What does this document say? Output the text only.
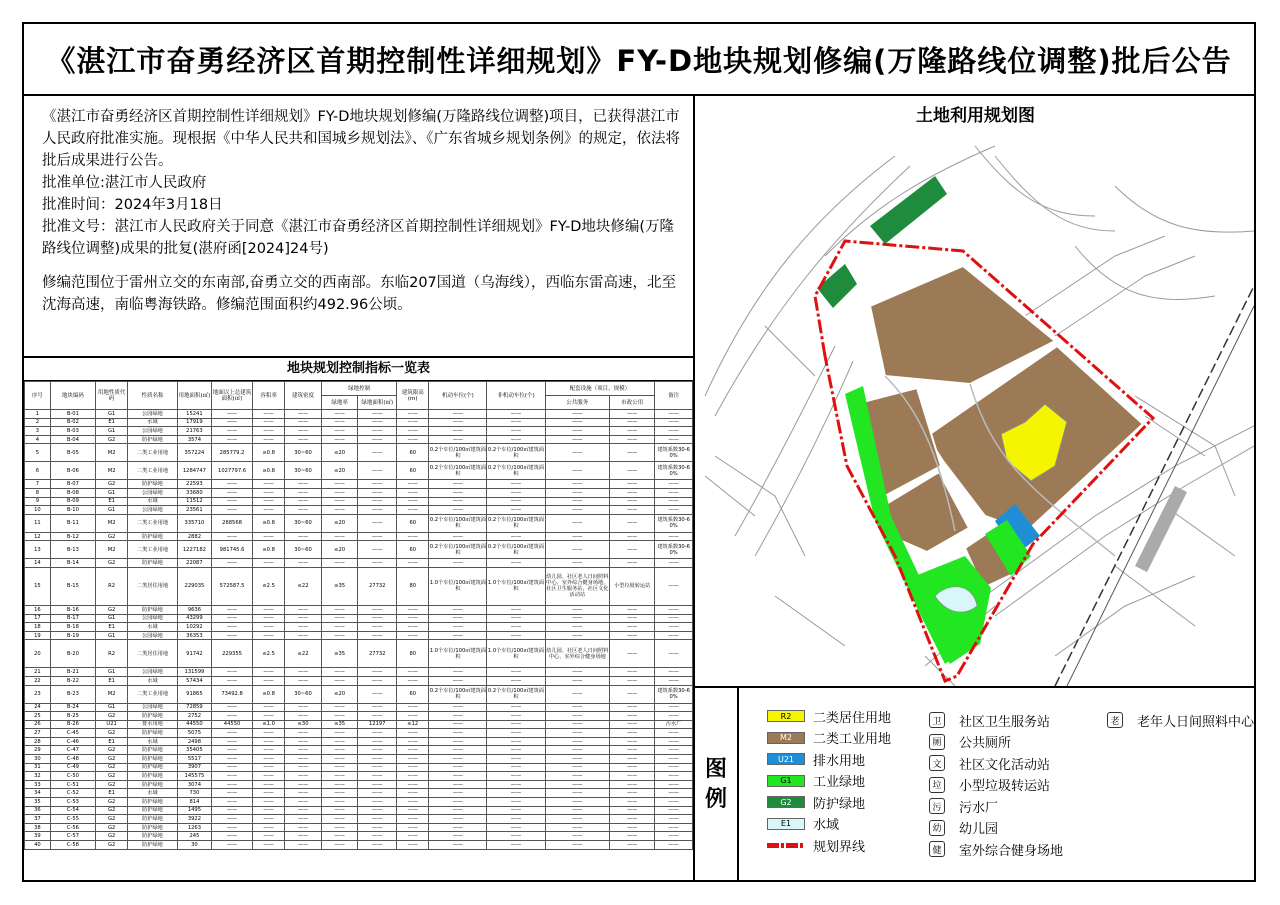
《湛江市奋勇经济区首期控制性详细规划》FY-D地块规划修编(万隆路线位调整)批后公告

《湛江市奋勇经济区首期控制性详细规划》FY-D地块规划修编(万隆路线位调整)项目，已获得湛江市人民政府批准实施。现根据《中华人民共和国城乡规划法》、《广东省城乡规划条例》的规定，依法将批后成果进行公告。

批准单位:湛江市人民政府

批准时间：2024年3月18日

批准文号：湛江市人民政府关于同意《湛江市奋勇经济区首期控制性详细规划》FY-D地块修编(万隆路线位调整)成果的批复(湛府函[2024]24号)

修编范围位于雷州立交的东南部,奋勇立交的西南部。东临207国道（乌海线），西临东雷高速，北至沈海高速，南临粤海铁路。修编范围面积约492.96公顷。

地块规划控制指标一览表
序号	地块编码	用地性质代码	性质名称	用地面积(㎡)	地面以上总建筑面积(㎡)	容积率	建筑密度	绿地控制		建筑限高(m)	机动车位(个)	非机动车位(个)	配套设施（项目、规模）		备注
								绿地率	绿地面积(㎡)				公共服务	市政公用	
1	B-01	G1	公园绿地	15241	——	——	——	——	——	——	——	——	——	——	——
2	B-02	E1	水域	17919	——	——	——	——	——	——	——	——	——	——	——
3	B-03	G1	公园绿地	21763	——	——	——	——	——	——	——	——	——	——	——
4	B-04	G2	防护绿地	3574	——	——	——	——	——	——	——	——	——	——	——
5	B-05	M2	二类工业用地	357224	285779.2	≥0.8	30~60	≤20	——	60	0.2个车位/100㎡建筑面积	0.2个车位/100㎡建筑面积	——	——	建筑系数30-60%
6	B-06	M2	二类工业用地	1284747	1027797.6	≥0.8	30~60	≤20	——	60	0.2个车位/100㎡建筑面积	0.2个车位/100㎡建筑面积	——	——	建筑系数30-60%
7	B-07	G2	防护绿地	22593	——	——	——	——	——	——	——	——	——	——	——
8	B-08	G1	公园绿地	33680	——	——	——	——	——	——	——	——	——	——	——
9	B-09	E1	水域	11512	——	——	——	——	——	——	——	——	——	——	——
10	B-10	G1	公园绿地	23561	——	——	——	——	——	——	——	——	——	——	——
11	B-11	M2	二类工业用地	335710	268568	≥0.8	30~60	≤20	——	60	0.2个车位/100㎡建筑面积	0.2个车位/100㎡建筑面积	——	——	建筑系数30-60%
12	B-12	G2	防护绿地	2882	——	——	——	——	——	——	——	——	——	——	——
13	B-13	M2	二类工业用地	1227182	981745.6	≥0.8	30~60	≤20	——	60	0.2个车位/100㎡建筑面积	0.2个车位/100㎡建筑面积	——	——	建筑系数30-60%
14	B-14	G2	防护绿地	22087	——	——	——	——	——	——	——	——	——	——	——
15	B-15	R2	二类居住用地	229035	572587.5	≤2.5	≤22	≥35	27732	80	1.0个车位/100㎡建筑面积	1.0个车位/100㎡建筑面积	幼儿园、社区老人日间照料中心、室外综合健身场地、社区卫生服务站、社区文化活动站	小型垃圾转运站	——
16	B-16	G2	防护绿地	9636	——	——	——	——	——	——	——	——	——	——	——
17	B-17	G1	公园绿地	43299	——	——	——	——	——	——	——	——	——	——	——
18	B-18	E1	水域	10292	——	——	——	——	——	——	——	——	——	——	——
19	B-19	G1	公园绿地	36353	——	——	——	——	——	——	——	——	——	——	——
20	B-20	R2	二类居住用地	91742	229355	≤2.5	≤22	≥35	27732	80	1.0个车位/100㎡建筑面积	1.0个车位/100㎡建筑面积	幼儿园、社区老人日间照料中心、室外综合健身场地	——	——
21	B-21	G1	公园绿地	131599	——	——	——	——	——	——	——	——	——	——	——
22	B-22	E1	水域	57434	——	——	——	——	——	——	——	——	——	——	——
23	B-23	M2	二类工业用地	91865	73492.8	≥0.8	30~60	≤20	——	60	0.2个车位/100㎡建筑面积	0.2个车位/100㎡建筑面积	——	——	建筑系数30-60%
24	B-24	G1	公园绿地	72859	——	——	——	——	——	——	——	——	——	——	——
25	B-25	G2	防护绿地	2752	——	——	——	——	——	——	——	——	——	——	——
26	B-26	U21	排水用地	44550	44550	≤1.0	≤30	≥35	12197	≤12	——	——	——	——	污水厂
27	C-45	G2	防护绿地	5075	——	——	——	——	——	——	——	——	——	——	——
28	C-46	E1	水域	2498	——	——	——	——	——	——	——	——	——	——	——
29	C-47	G2	防护绿地	35405	——	——	——	——	——	——	——	——	——	——	——
30	C-48	G2	防护绿地	5517	——	——	——	——	——	——	——	——	——	——	——
31	C-49	G2	防护绿地	3907	——	——	——	——	——	——	——	——	——	——	——
32	C-50	G2	防护绿地	145575	——	——	——	——	——	——	——	——	——	——	——
33	C-51	G2	防护绿地	3074	——	——	——	——	——	——	——	——	——	——	——
34	C-52	E1	水域	730	——	——	——	——	——	——	——	——	——	——	——
35	C-53	G2	防护绿地	814	——	——	——	——	——	——	——	——	——	——	——
36	C-54	G2	防护绿地	1495	——	——	——	——	——	——	——	——	——	——	——
37	C-55	G2	防护绿地	3922	——	——	——	——	——	——	——	——	——	——	——
38	C-56	G2	防护绿地	1263	——	——	——	——	——	——	——	——	——	——	——
39	C-57	G2	防护绿地	245	——	——	——	——	——	——	——	——	——	——	——
40	C-58	G2	防护绿地	30	——	——	——	——	——	——	——	——	——	——	——
土地利用规划图
图
例
R2	二类居住用地
M2	二类工业用地
U21	排水用地
G1	工业绿地
G2	防护绿地
E1	水域
规划界线
卫 社区卫生服务站
厕 公共厕所
文 社区文化活动站
垃 小型垃圾转运站
污 污水厂
幼 幼儿园
健 室外综合健身场地
老 老年人日间照料中心
